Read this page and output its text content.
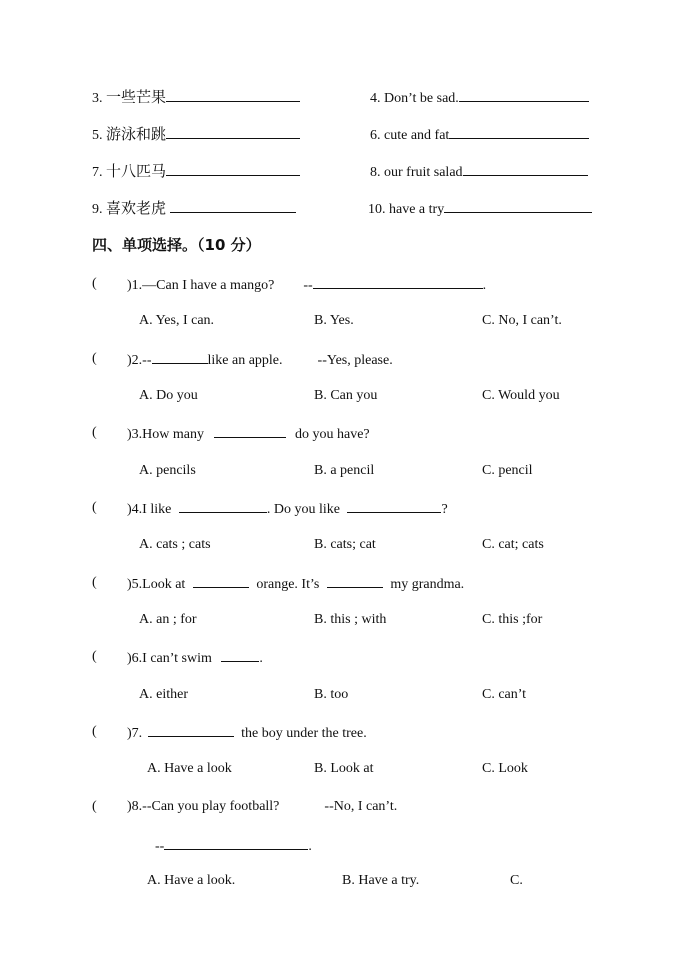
3. 一些芒果	4. Don’t be sad.
5. 游泳和跳	6. cute and fat
7. 十八匹马	8. our fruit salad
9. 喜欢老虎	10. have a try
四、单项选择。（10 分）
(	)1.—Can I have a mango? --	.
A. Yes, I can.	B. Yes.	C. No, I can’t.
(	)2.--	like an apple.	--Yes, please.
A. Do you	B. Can you	C. Would you
(	)3.How many	do you have?
A. pencils	B. a pencil	C. pencil
(	)4.I like	. Do you like	?
A. cats ; cats	B. cats; cat	C. cat; cats
(	)5.Look at	orange. It’s	my grandma.
A. an ; for	B. this ; with	C. this ;for
(	)6.I can’t swim	.
A. either	B. too	C. can’t
(	)7.	the boy under the tree.
A. Have a look	B. Look at	C. Look
(	)8.--Can you play football?	--No, I can’t.
--	.
A. Have a look.	B. Have a try.	C.
